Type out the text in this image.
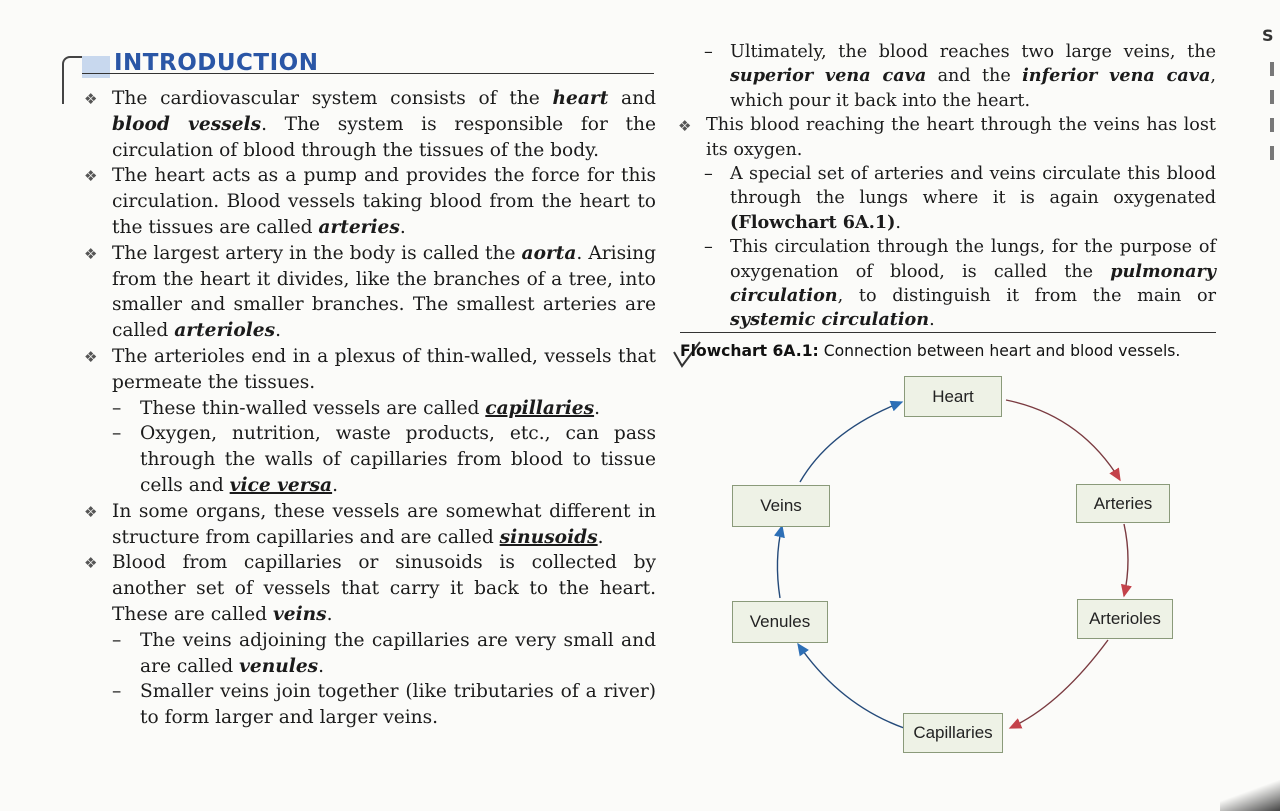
INTRODUCTION

❖ The cardiovascular system consists of the heart and blood vessels. The system is responsible for the circulation of blood through the tissues of the body.

❖ The heart acts as a pump and provides the force for this circulation. Blood vessels taking blood from the heart to the tissues are called arteries.

❖ The largest artery in the body is called the aorta. Arising from the heart it divides, like the branches of a tree, into smaller and smaller branches. The smallest arteries are called arterioles.

❖ The arterioles end in a plexus of thin-walled, vessels that permeate the tissues.

– These thin-walled vessels are called capillaries.

– Oxygen, nutrition, waste products, etc., can pass through the walls of capillaries from blood to tissue cells and vice versa.

❖ In some organs, these vessels are somewhat different in structure from capillaries and are called sinusoids.

❖ Blood from capillaries or sinusoids is collected by another set of vessels that carry it back to the heart. These are called veins.

– The veins adjoining the capillaries are very small and are called venules.

– Smaller veins join together (like tributaries of a river) to form larger and larger veins.

– Ultimately, the blood reaches two large veins, the superior vena cava and the inferior vena cava, which pour it back into the heart.

❖ This blood reaching the heart through the veins has lost its oxygen.

– A special set of arteries and veins circulate this blood through the lungs where it is again oxygenated (Flowchart 6A.1).

– This circulation through the lungs, for the purpose of oxygenation of blood, is called the pulmonary circulation, to distinguish it from the main or systemic circulation.

Flowchart 6A.1: Connection between heart and blood vessels.
Heart
Arteries
Arterioles
Capillaries
Venules
Veins
S
